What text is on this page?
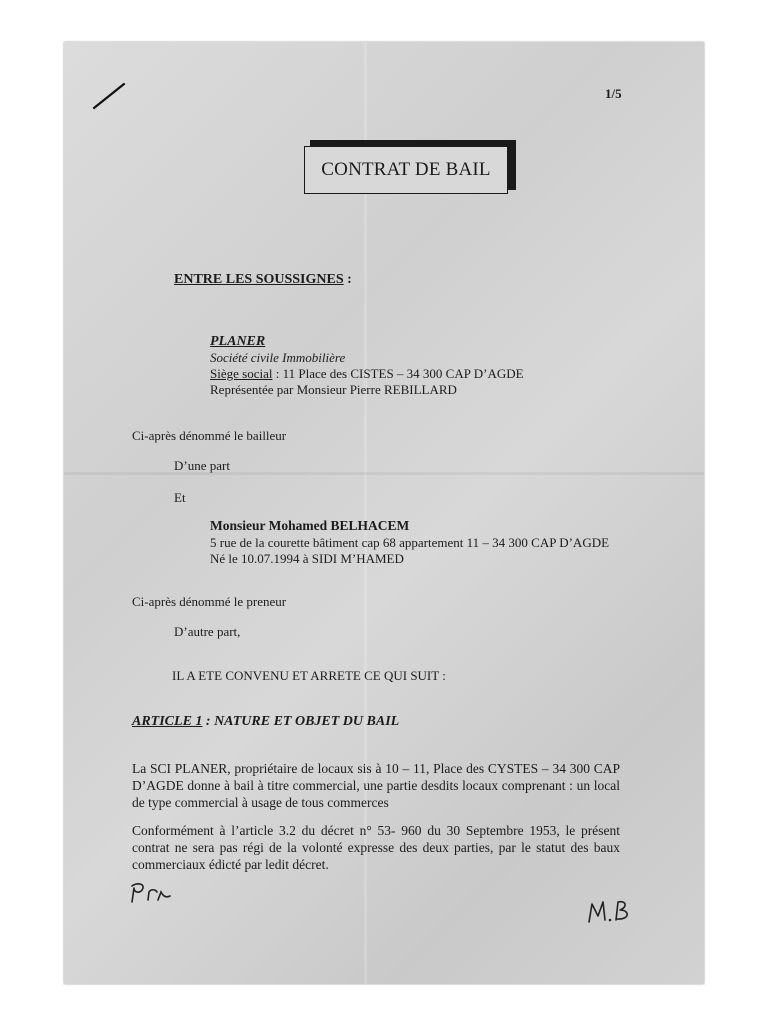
1/5
CONTRAT DE BAIL
ENTRE LES SOUSSIGNES :
PLANER
Société civile Immobilière
Siège social : 11 Place des CISTES – 34 300 CAP D’AGDE
Représentée par Monsieur Pierre REBILLARD
Ci-après dénommé le bailleur
D’une part
Et
Monsieur Mohamed BELHACEM
5 rue de la courette bâtiment cap 68 appartement 11 – 34 300 CAP D’AGDE
Né le 10.07.1994 à SIDI M’HAMED
Ci-après dénommé le preneur
D’autre part,
IL A ETE CONVENU ET ARRETE CE QUI SUIT :
ARTICLE 1 : NATURE ET OBJET DU BAIL
La SCI PLANER, propriétaire de locaux sis à 10 – 11, Place des CYSTES – 34 300 CAP D’AGDE donne à bail à titre commercial, une partie desdits locaux comprenant : un local de type commercial à usage de tous commerces
Conformément à l’article 3.2 du décret n° 53- 960 du 30 Septembre 1953, le présent contrat ne sera pas régi de la volonté expresse des deux parties, par le statut des baux commerciaux édicté par ledit décret.
